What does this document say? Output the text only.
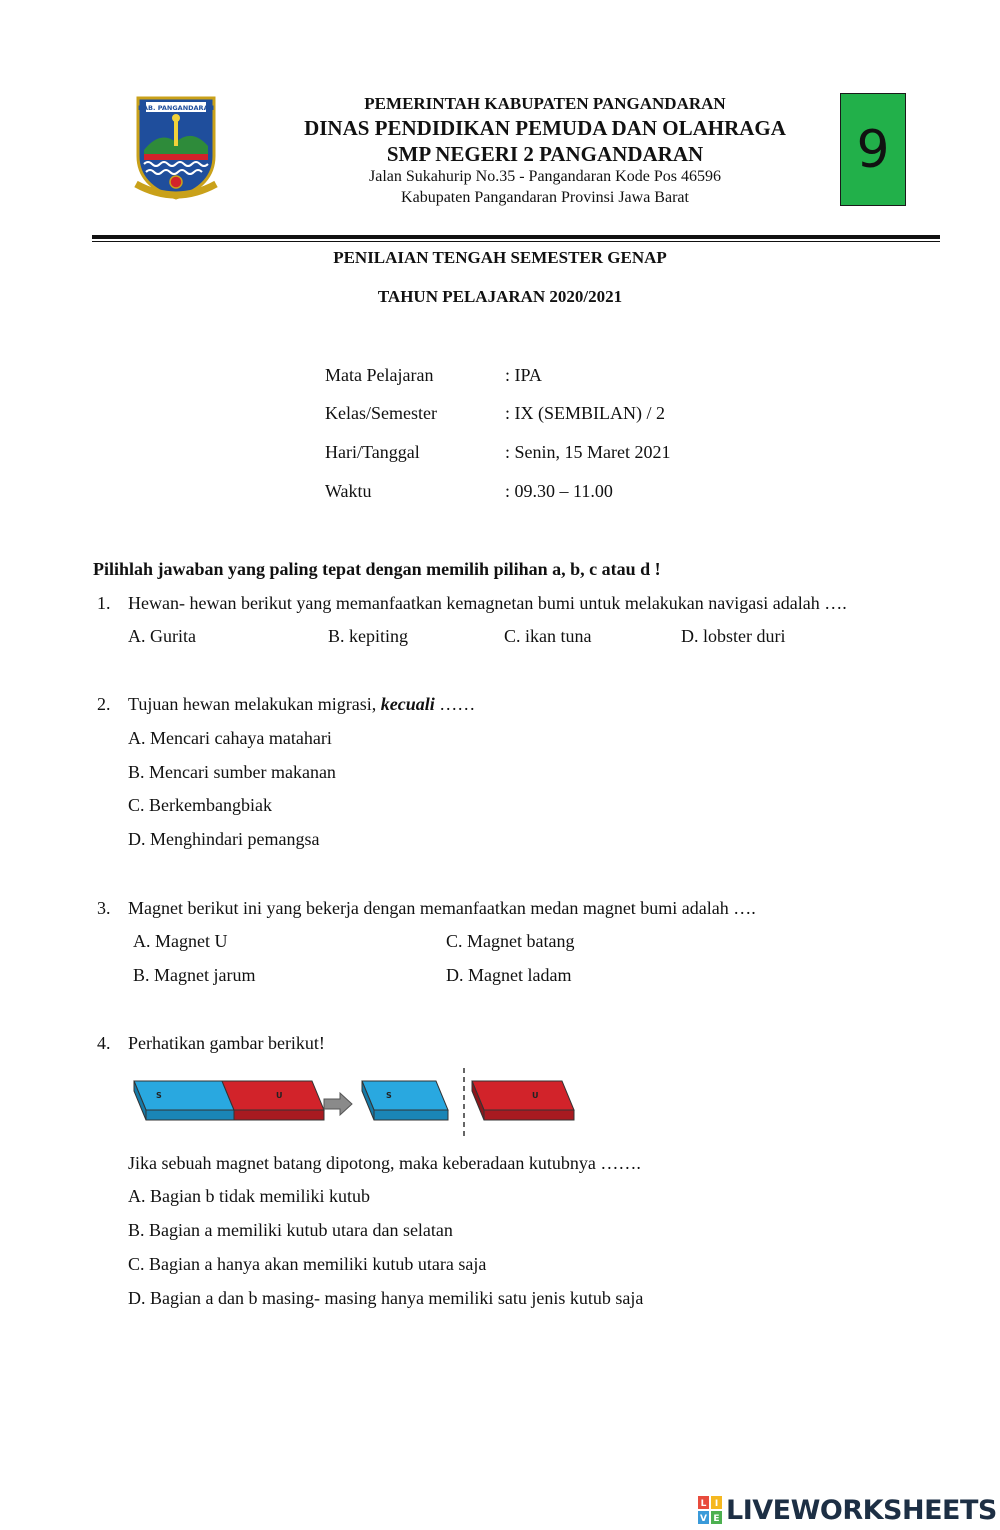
KAB. PANGANDARAN	PEMERINTAH KABUPATEN PANGANDARAN
DINAS PENDIDIKAN PEMUDA DAN OLAHRAGA
SMP NEGERI 2 PANGANDARAN
Jalan Sukahurip No.35 - Pangandaran Kode Pos 46596
Kabupaten Pangandaran Provinsi Jawa Barat
9
PENILAIAN TENGAH SEMESTER GENAP
TAHUN PELAJARAN 2020/2021
Mata Pelajaran	: IPA
Kelas/Semester	: IX (SEMBILAN) / 2
Hari/Tanggal	: Senin, 15 Maret 2021
Waktu	: 09.30 – 11.00
Pilihlah jawaban yang paling tepat dengan memilih pilihan a, b, c atau d !
1. Hewan- hewan berikut yang memanfaatkan kemagnetan bumi untuk melakukan navigasi adalah ….
A. Gurita	B. kepiting	C. ikan tuna	D. lobster duri
2. Tujuan hewan melakukan migrasi, kecuali ……
A. Mencari cahaya matahari
B. Mencari sumber makanan
C. Berkembangbiak
D. Menghindari pemangsa
3. Magnet berikut ini yang bekerja dengan memanfaatkan medan magnet bumi adalah ….
A. Magnet U	C. Magnet batang
B. Magnet jarum	D. Magnet ladam
4. Perhatikan gambar berikut!
S	U	S	U
Jika sebuah magnet batang dipotong, maka keberadaan kutubnya …….
A. Bagian b tidak memiliki kutub
B. Bagian a memiliki kutub utara dan selatan
C. Bagian a hanya akan memiliki kutub utara saja
D. Bagian a dan b masing- masing hanya memiliki satu jenis kutub saja
L I
V E LIVEWORKSHEETS
